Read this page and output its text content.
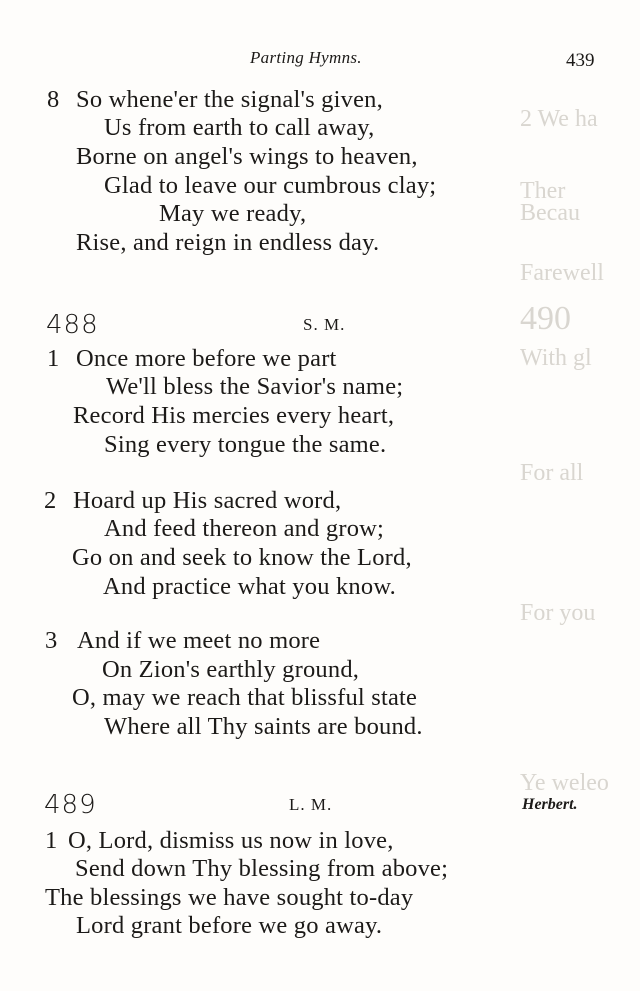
2 We ha
Ther
Becau
Farewell
490
With gl
For all
For you
Ye weleo
Parting Hymns.	439
8 So whene'er the signal's given,
Us from earth to call away,
Borne on angel's wings to heaven,
Glad to leave our cumbrous clay;
May we ready,
Rise, and reign in endless day.
488	S. M.
1 Once more before we part
We'll bless the Savior's name;
Record His mercies every heart,
Sing every tongue the same.
2 Hoard up His sacred word,
And feed thereon and grow;
Go on and seek to know the Lord,
And practice what you know.
3 And if we meet no more
On Zion's earthly ground,
O, may we reach that blissful state
Where all Thy saints are bound.
489	L. M.	Herbert.
1 O, Lord, dismiss us now in love,
Send down Thy blessing from above;
The blessings we have sought to-day
Lord grant before we go away.
